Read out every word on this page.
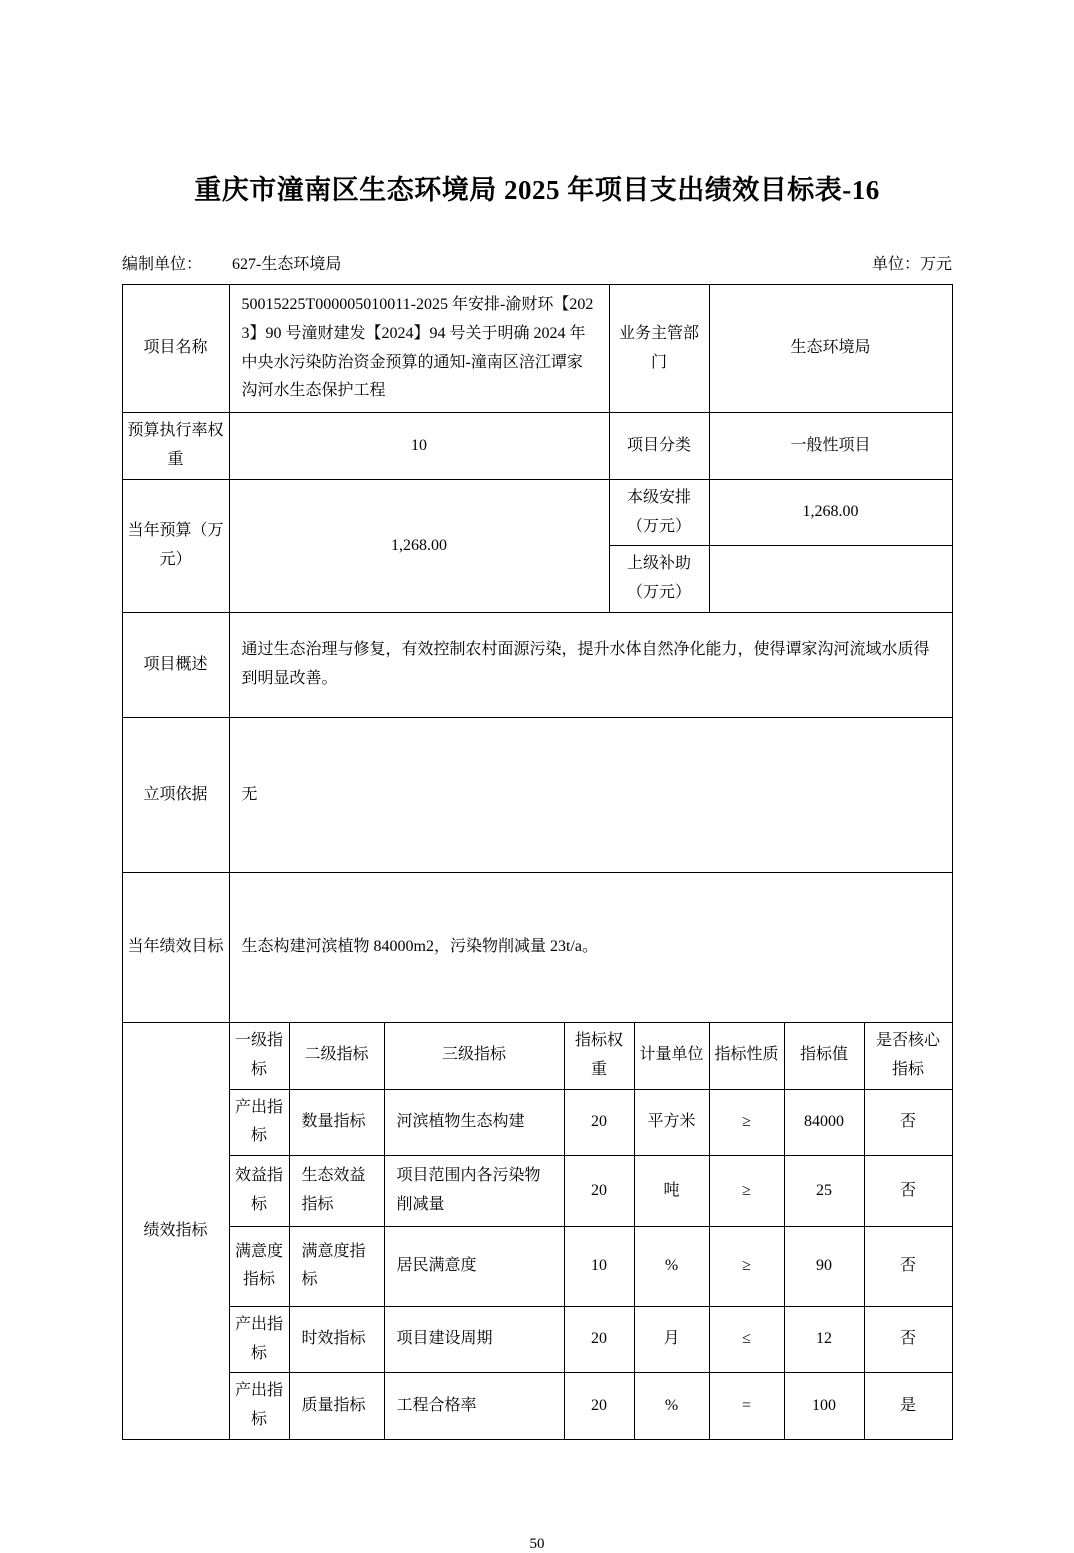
重庆市潼南区生态环境局 2025 年项目支出绩效目标表-16
编制单位： 627-生态环境局	单位：万元
项目名称	50015225T000005010011-2025 年安排-渝财环【2023】90 号潼财建发【2024】94 号关于明确 2024 年中央水污染防治资金预算的通知-潼南区涪江谭家沟河水生态保护工程	业务主管部门	生态环境局
预算执行率权重	10	项目分类	一般性项目
当年预算（万元）	1,268.00	本级安排（万元）	1,268.00
		上级补助（万元）	
项目概述	通过生态治理与修复，有效控制农村面源污染，提升水体自然净化能力，使得谭家沟河流域水质得到明显改善。		
立项依据	无		
当年绩效目标	生态构建河滨植物 84000m2，污染物削减量 23t/a。		
绩效指标	一级指标	二级指标	三级指标	指标权重	计量单位	指标性质	指标值	是否核心指标
	产出指标	数量指标	河滨植物生态构建	20	平方米	≥	84000	否
	效益指标	生态效益指标	项目范围内各污染物削减量	20	吨	≥	25	否
	满意度指标	满意度指标	居民满意度	10	%	≥	90	否
	产出指标	时效指标	项目建设周期	20	月	≤	12	否
	产出指标	质量指标	工程合格率	20	%	=	100	是
50
